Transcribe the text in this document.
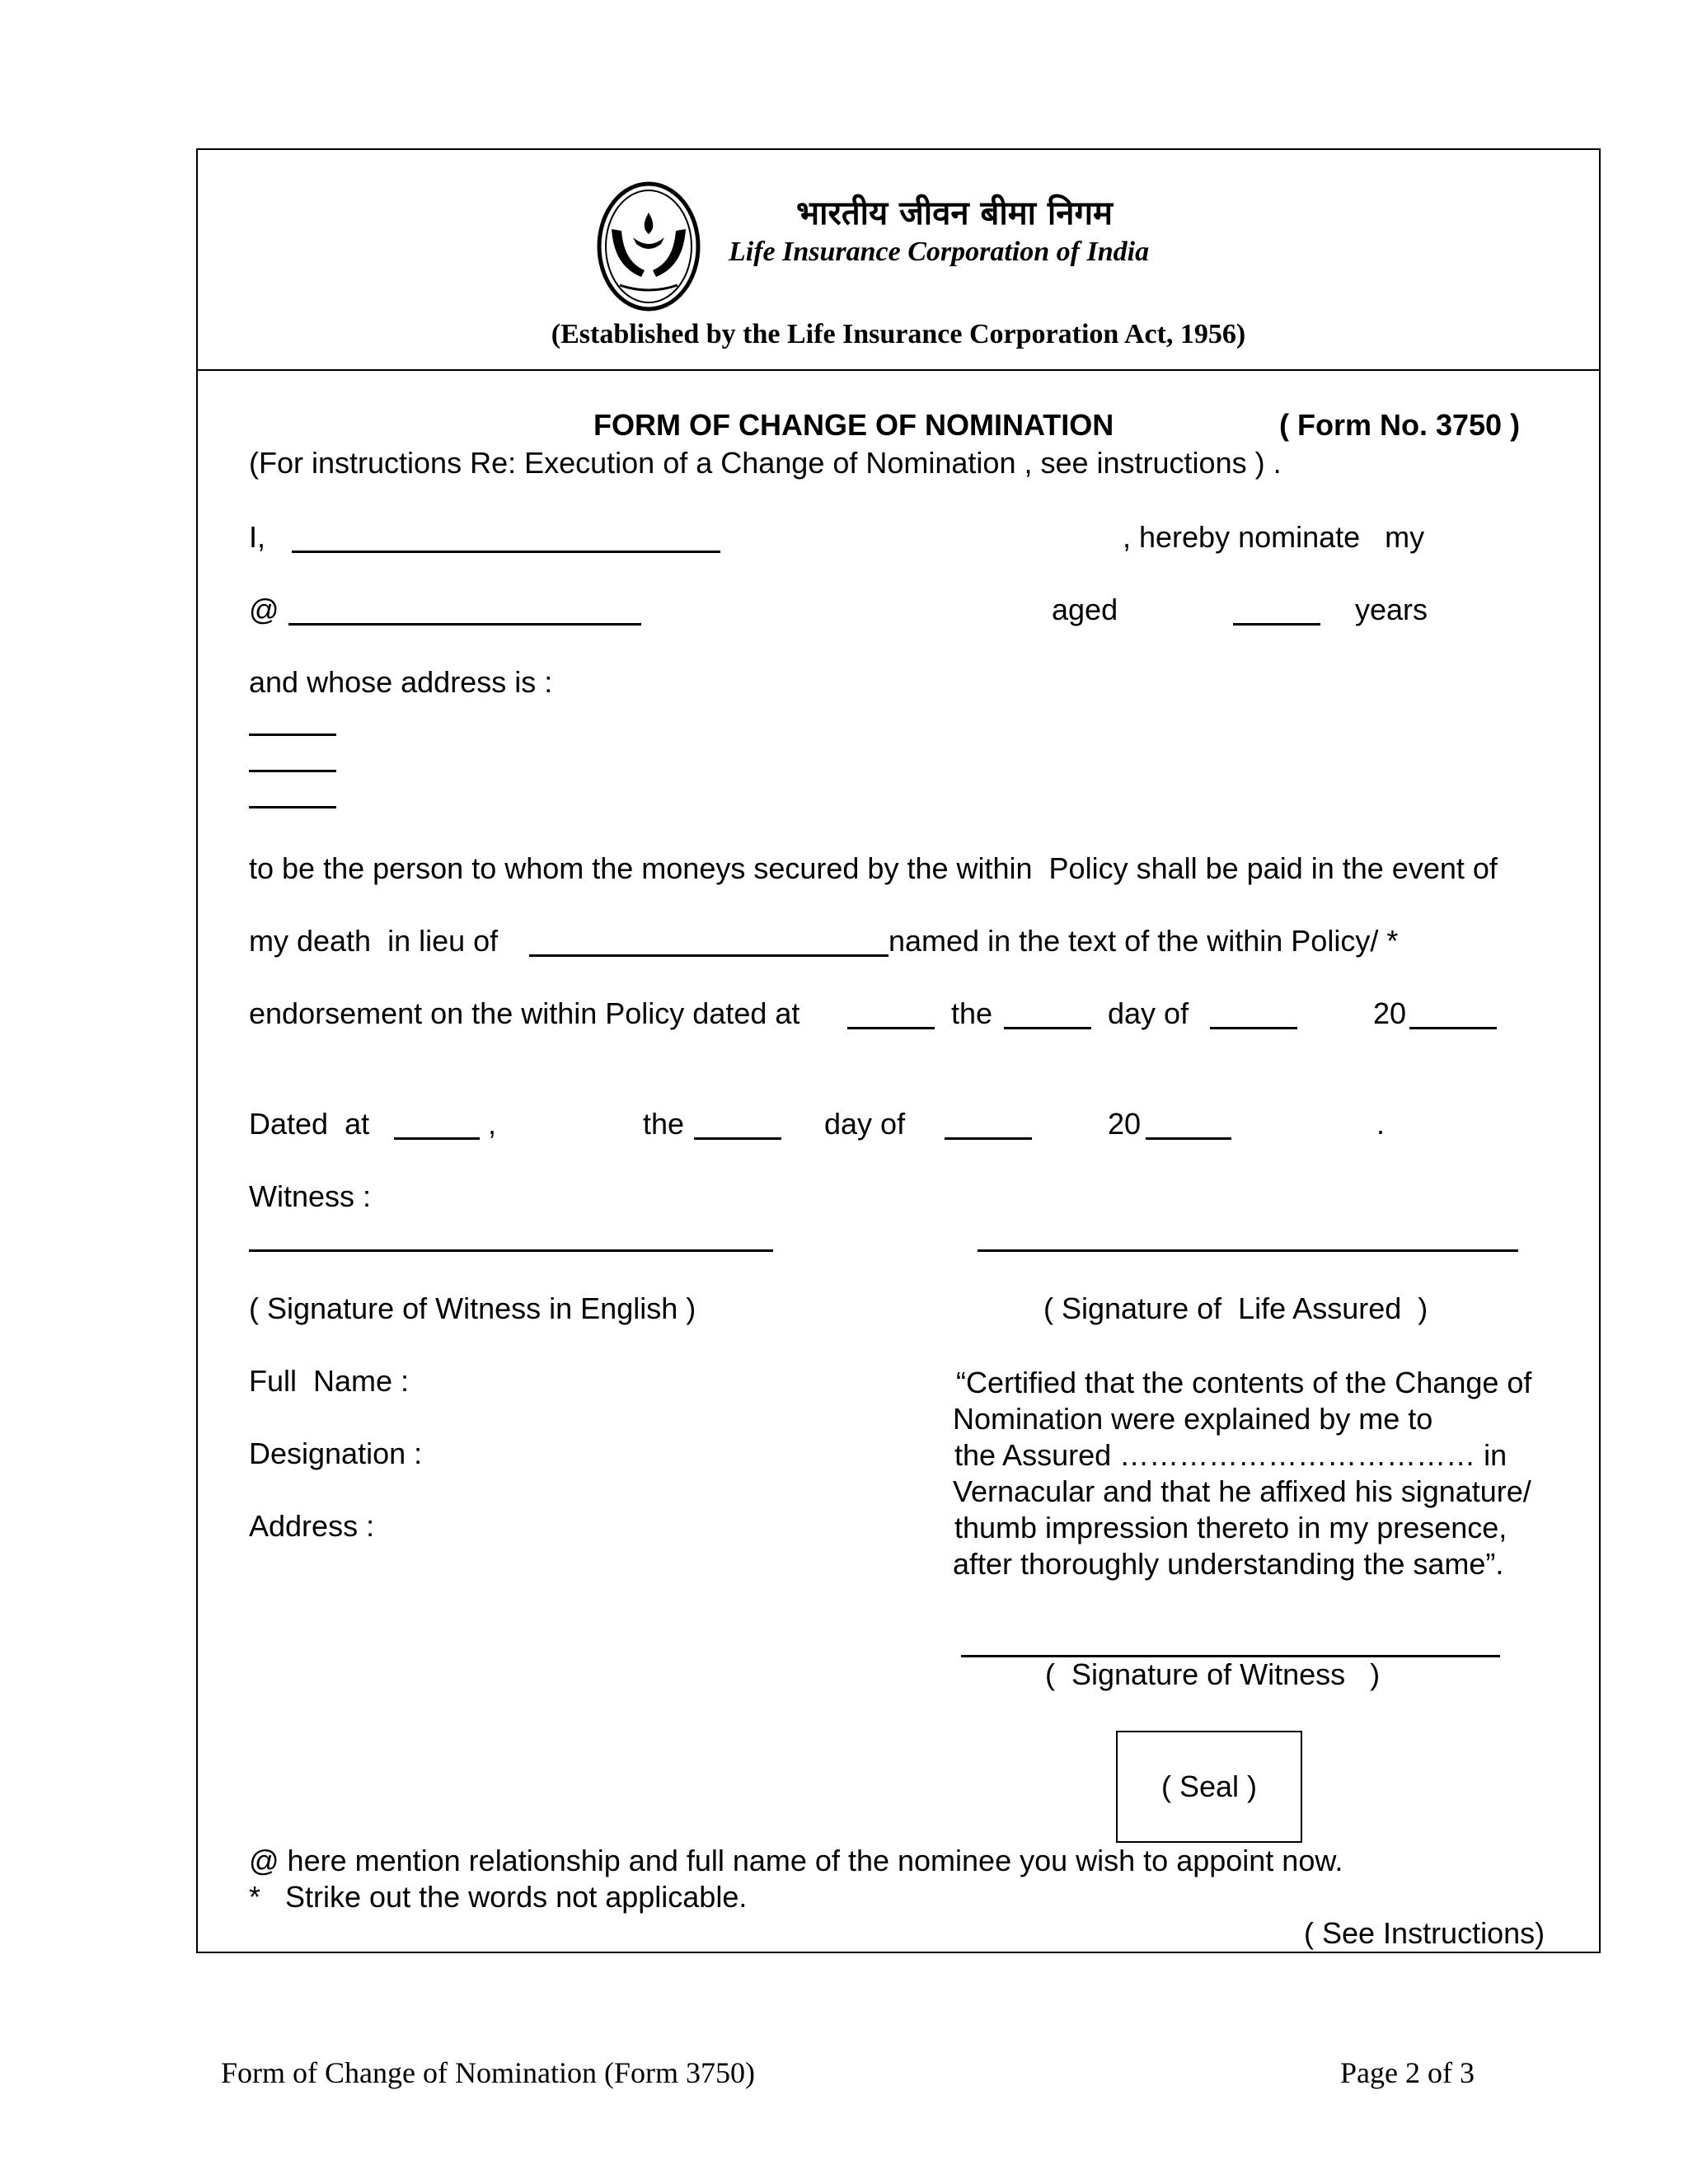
भारतीय जीवन बीमा निगम
Life Insurance Corporation of India
(Established by the Life Insurance Corporation Act, 1956)
FORM OF CHANGE OF NOMINATION	( Form No. 3750 )
(For instructions Re: Execution of a Change of Nomination , see instructions ) .
I,	, hereby nominate   my
@	aged	years
and whose address is :
to be the person to whom the moneys secured by the within  Policy shall be paid in the event of
my death  in lieu of	named in the text of the within Policy/ *
endorsement on the within Policy dated at	the	day of	20
Dated  at	,	the	day of	20	.
Witness :
( Signature of Witness in English )	( Signature of  Life Assured  )
Full  Name :
Designation :
Address :
“Certified that the contents of the Change of
Nomination were explained by me to
the Assured ……………………………… in
Vernacular and that he affixed his signature/
thumb impression thereto in my presence,
after thoroughly understanding the same”.
(  Signature of Witness   )
( Seal )
@ here mention relationship and full name of the nominee you wish to appoint now.
*   Strike out the words not applicable.
( See Instructions)
Form of Change of Nomination (Form 3750)	Page 2 of 3
